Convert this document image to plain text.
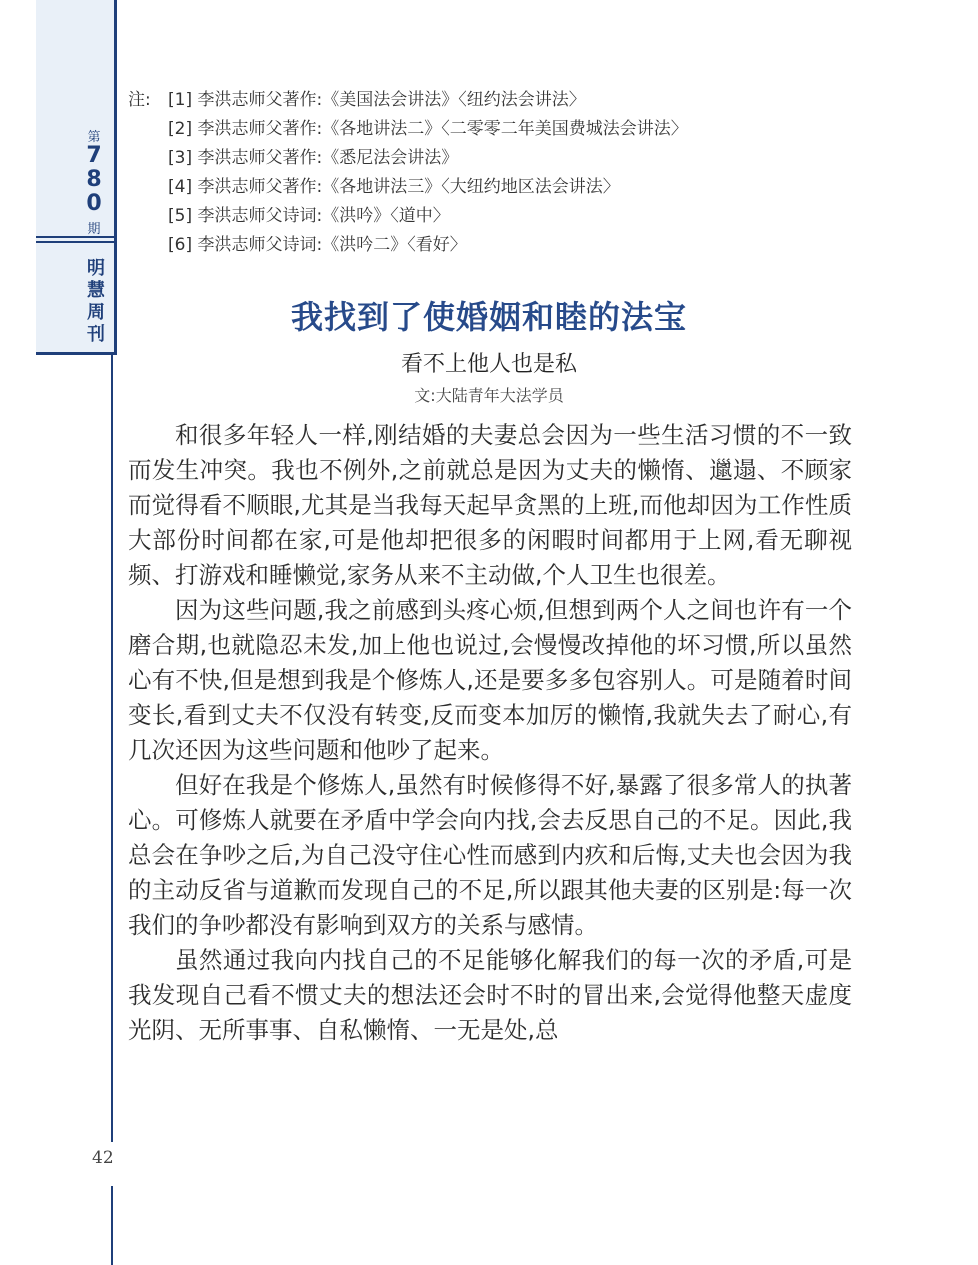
第
7
8
0
期
明
慧
周
刊
42
注: [1] 李洪志师父著作:《美国法会讲法》〈纽约法会讲法〉
[2] 李洪志师父著作:《各地讲法二》〈二零零二年美国费城法会讲法〉
[3] 李洪志师父著作:《悉尼法会讲法》
[4] 李洪志师父著作:《各地讲法三》〈大纽约地区法会讲法〉
[5] 李洪志师父诗词:《洪吟》〈道中〉
[6] 李洪志师父诗词:《洪吟二》〈看好〉
我找到了使婚姻和睦的法宝
看不上他人也是私
文:大陆青年大法学员

和很多年轻人一样,刚结婚的夫妻总会因为一些生活习惯的不一致而发生冲突。我也不例外,之前就总是因为丈夫的懒惰、邋遢、不顾家而觉得看不顺眼,尤其是当我每天起早贪黑的上班,而他却因为工作性质大部份时间都在家,可是他却把很多的闲暇时间都用于上网,看无聊视频、打游戏和睡懒觉,家务从来不主动做,个人卫生也很差。

因为这些问题,我之前感到头疼心烦,但想到两个人之间也许有一个磨合期,也就隐忍未发,加上他也说过,会慢慢改掉他的坏习惯,所以虽然心有不快,但是想到我是个修炼人,还是要多多包容别人。可是随着时间变长,看到丈夫不仅没有转变,反而变本加厉的懒惰,我就失去了耐心,有几次还因为这些问题和他吵了起来。

但好在我是个修炼人,虽然有时候修得不好,暴露了很多常人的执著心。可修炼人就要在矛盾中学会向内找,会去反思自己的不足。因此,我总会在争吵之后,为自己没守住心性而感到内疚和后悔,丈夫也会因为我的主动反省与道歉而发现自己的不足,所以跟其他夫妻的区别是:每一次我们的争吵都没有影响到双方的关系与感情。

虽然通过我向内找自己的不足能够化解我们的每一次的矛盾,可是我发现自己看不惯丈夫的想法还会时不时的冒出来,会觉得他整天虚度光阴、无所事事、自私懒惰、一无是处,总
